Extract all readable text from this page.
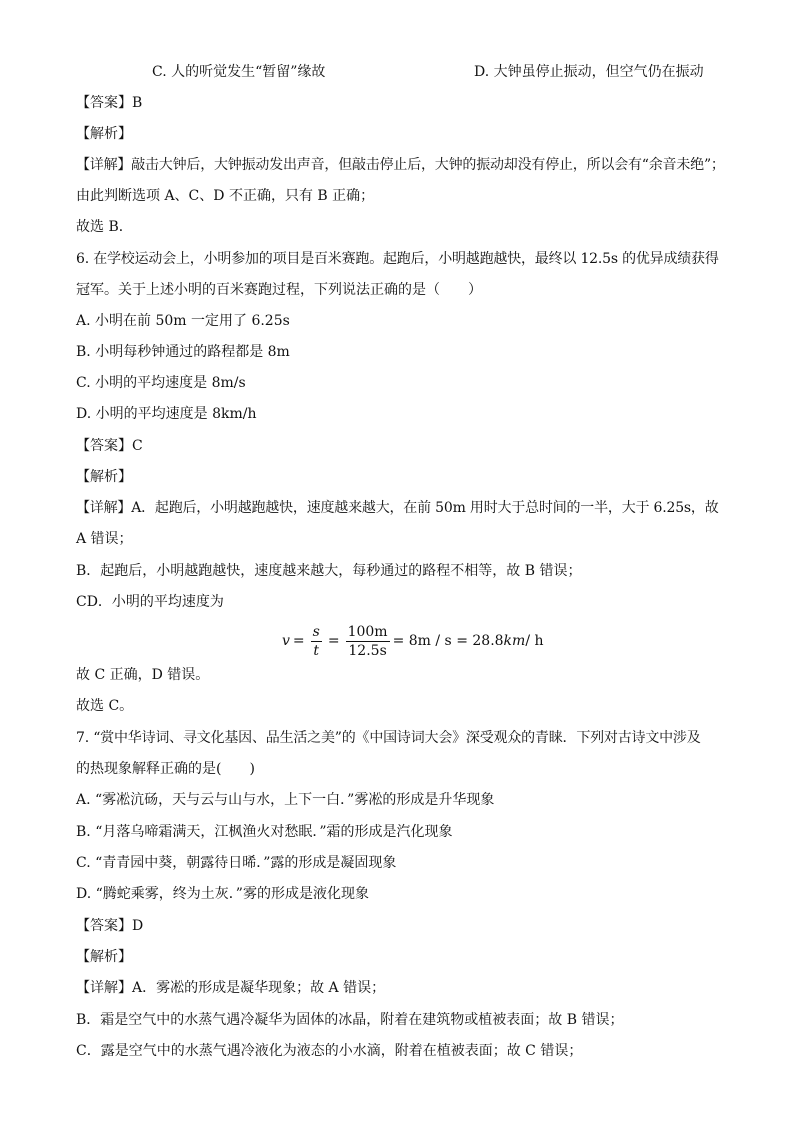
C. 人的听觉发生“暂留”缘故	D. 大钟虽停止振动，但空气仍在振动
【答案】B
【解析】
【详解】敲击大钟后，大钟振动发出声音，但敲击停止后，大钟的振动却没有停止，所以会有“余音未绝”；
由此判断选项 A、C、D 不正确，只有 B 正确；
故选 B．
6. 在学校运动会上，小明参加的项目是百米赛跑。起跑后，小明越跑越快，最终以 12.5s 的优异成绩获得
冠军。关于上述小明的百米赛跑过程，下列说法正确的是（　　）
A. 小明在前 50m 一定用了 6.25s
B. 小明每秒钟通过的路程都是 8m
C. 小明的平均速度是 8m/s
D. 小明的平均速度是 8km/h
【答案】C
【解析】
【详解】A．起跑后，小明越跑越快，速度越来越大，在前 50m 用时大于总时间的一半，大于 6.25s，故
A 错误；
B．起跑后，小明越跑越快，速度越来越大，每秒通过的路程不相等，故 B 错误；
CD．小明的平均速度为
$v = \frac{s}{t} = \frac{100m}{12.5s} = 8m / s = 28.8$ km / h
故 C 正确，D 错误。
故选 C。
7. “赏中华诗词、寻文化基因、品生活之美”的《中国诗词大会》深受观众的青睐．下列对古诗文中涉及
的热现象解释正确的是(　　)
A. “雾凇沆砀，天与云与山与水，上下一白．”雾凇的形成是升华现象
B. “月落乌啼霜满天，江枫渔火对愁眠．”霜的形成是汽化现象
C. “青青园中葵，朝露待日晞．”露的形成是凝固现象
D. “腾蛇乘雾，终为土灰．”雾的形成是液化现象
【答案】D
【解析】
【详解】A．雾凇的形成是凝华现象；故 A 错误；
B．霜是空气中的水蒸气遇冷凝华为固体的冰晶，附着在建筑物或植被表面；故 B 错误；
C．露是空气中的水蒸气遇冷液化为液态的小水滴，附着在植被表面；故 C 错误；
